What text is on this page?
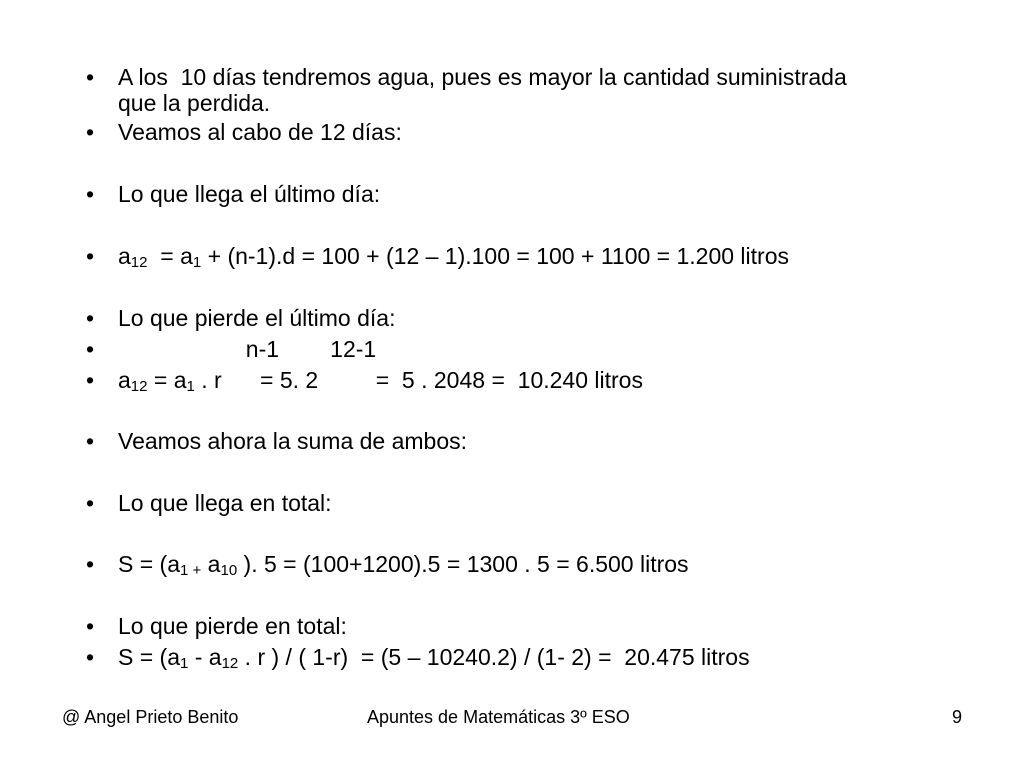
• A los  10 días tendremos agua, pues es mayor la cantidad suministrada
que la perdida.
• Veamos al cabo de 12 días:
• Lo que llega el último día:
• $a_{12} = a_1 + (n-1).d = 100 + (12 - 1).100 = 100 + 1100 = 1.200$ litros
• Lo que pierde el último día:
• n-1        12-1
• $a_{12} = a_1$ . r      = 5. 2         =  5 . 2048 =  10.240 litros
• Veamos ahora la suma de ambos:
• Lo que llega en total:
• $S = (a_{1 +}$ $a_{10}$ ). 5 = (100+1200).5 = 1300 . 5 = 6.500 litros
• Lo que pierde en total:
• $S = (a_1 - a_{12}$ . r ) / ( 1-r)  = (5 – 10240.2) / (1- 2) =  20.475 litros
@ Angel Prieto Benito	Apuntes de Matemáticas 3º ESO	9
